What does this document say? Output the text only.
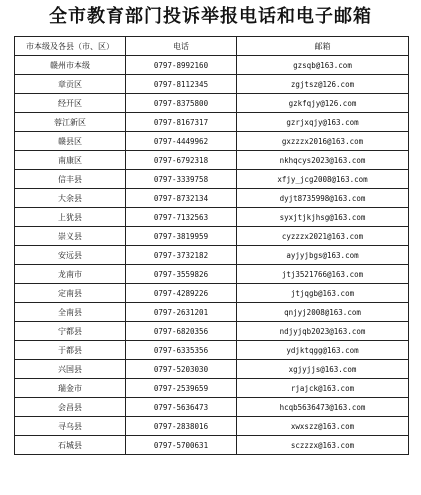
全市教育部门投诉举报电话和电子邮箱
市本级及各县（市、区）	电话	邮箱
赣州市本级	0797-8992160	gzsqb@163.com
章贡区	0797-8112345	zgjtsz@126.com
经开区	0797-8375800	gzkfqjy@126.com
蓉江新区	0797-8167317	gzrjxqjy@163.com
赣县区	0797-4449962	gxzzzx2016@163.com
南康区	0797-6792318	nkhqcys2023@163.com
信丰县	0797-3339758	xfjy_jcg2008@163.com
大余县	0797-8732134	dyjt8735998@163.com
上犹县	0797-7132563	syxjtjkjhsg@163.com
崇义县	0797-3819959	cyzzzx2021@163.com
安远县	0797-3732182	ayjyjbgs@163.com
龙南市	0797-3559826	jtj3521766@163.com
定南县	0797-4289226	jtjqgb@163.com
全南县	0797-2631201	qnjyj2008@163.com
宁都县	0797-6820356	ndjyjqb2023@163.com
于都县	0797-6335356	ydjktqgg@163.com
兴国县	0797-5203030	xgjyjjs@163.com
瑞金市	0797-2539659	rjajck@163.com
会昌县	0797-5636473	hcqb5636473@163.com
寻乌县	0797-2838016	xwxszz@163.com
石城县	0797-5700631	sczzzx@163.com
